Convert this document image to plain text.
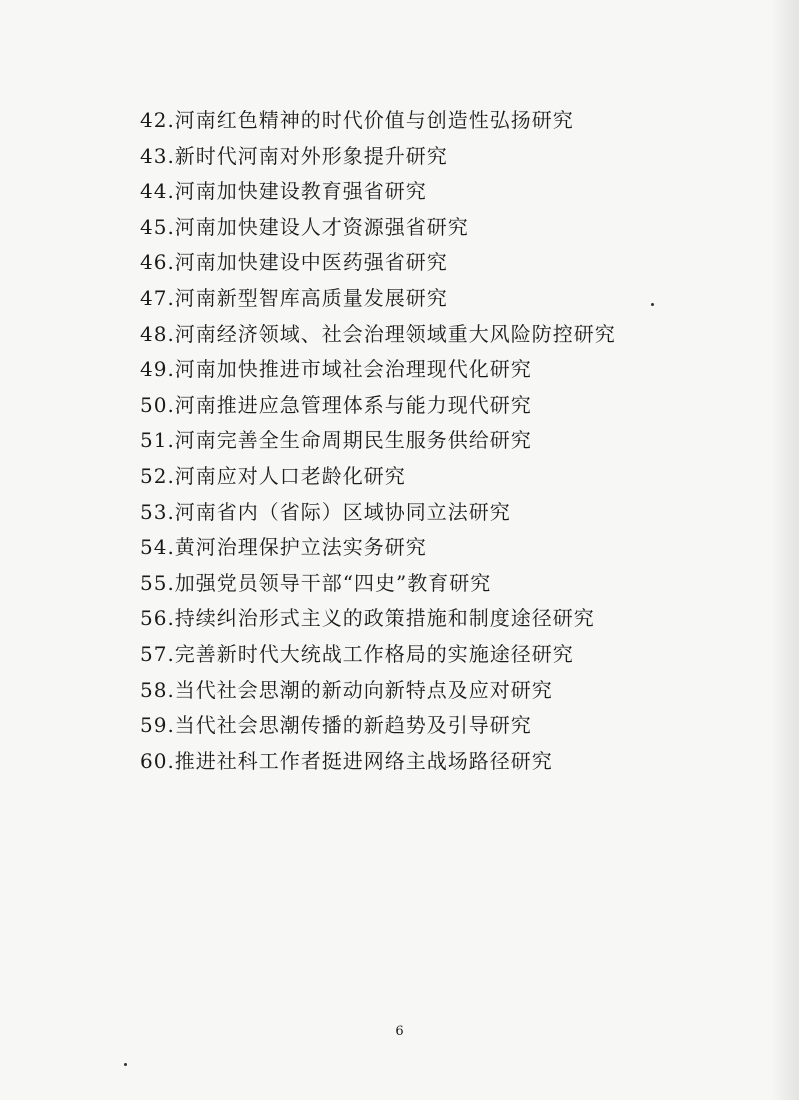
42.河南红色精神的时代价值与创造性弘扬研究
43.新时代河南对外形象提升研究
44.河南加快建设教育强省研究
45.河南加快建设人才资源强省研究
46.河南加快建设中医药强省研究
47.河南新型智库高质量发展研究
48.河南经济领域、社会治理领域重大风险防控研究
49.河南加快推进市域社会治理现代化研究
50.河南推进应急管理体系与能力现代研究
51.河南完善全生命周期民生服务供给研究
52.河南应对人口老龄化研究
53.河南省内（省际）区域协同立法研究
54.黄河治理保护立法实务研究
55.加强党员领导干部“四史”教育研究
56.持续纠治形式主义的政策措施和制度途径研究
57.完善新时代大统战工作格局的实施途径研究
58.当代社会思潮的新动向新特点及应对研究
59.当代社会思潮传播的新趋势及引导研究
60.推进社科工作者挺进网络主战场路径研究
6
